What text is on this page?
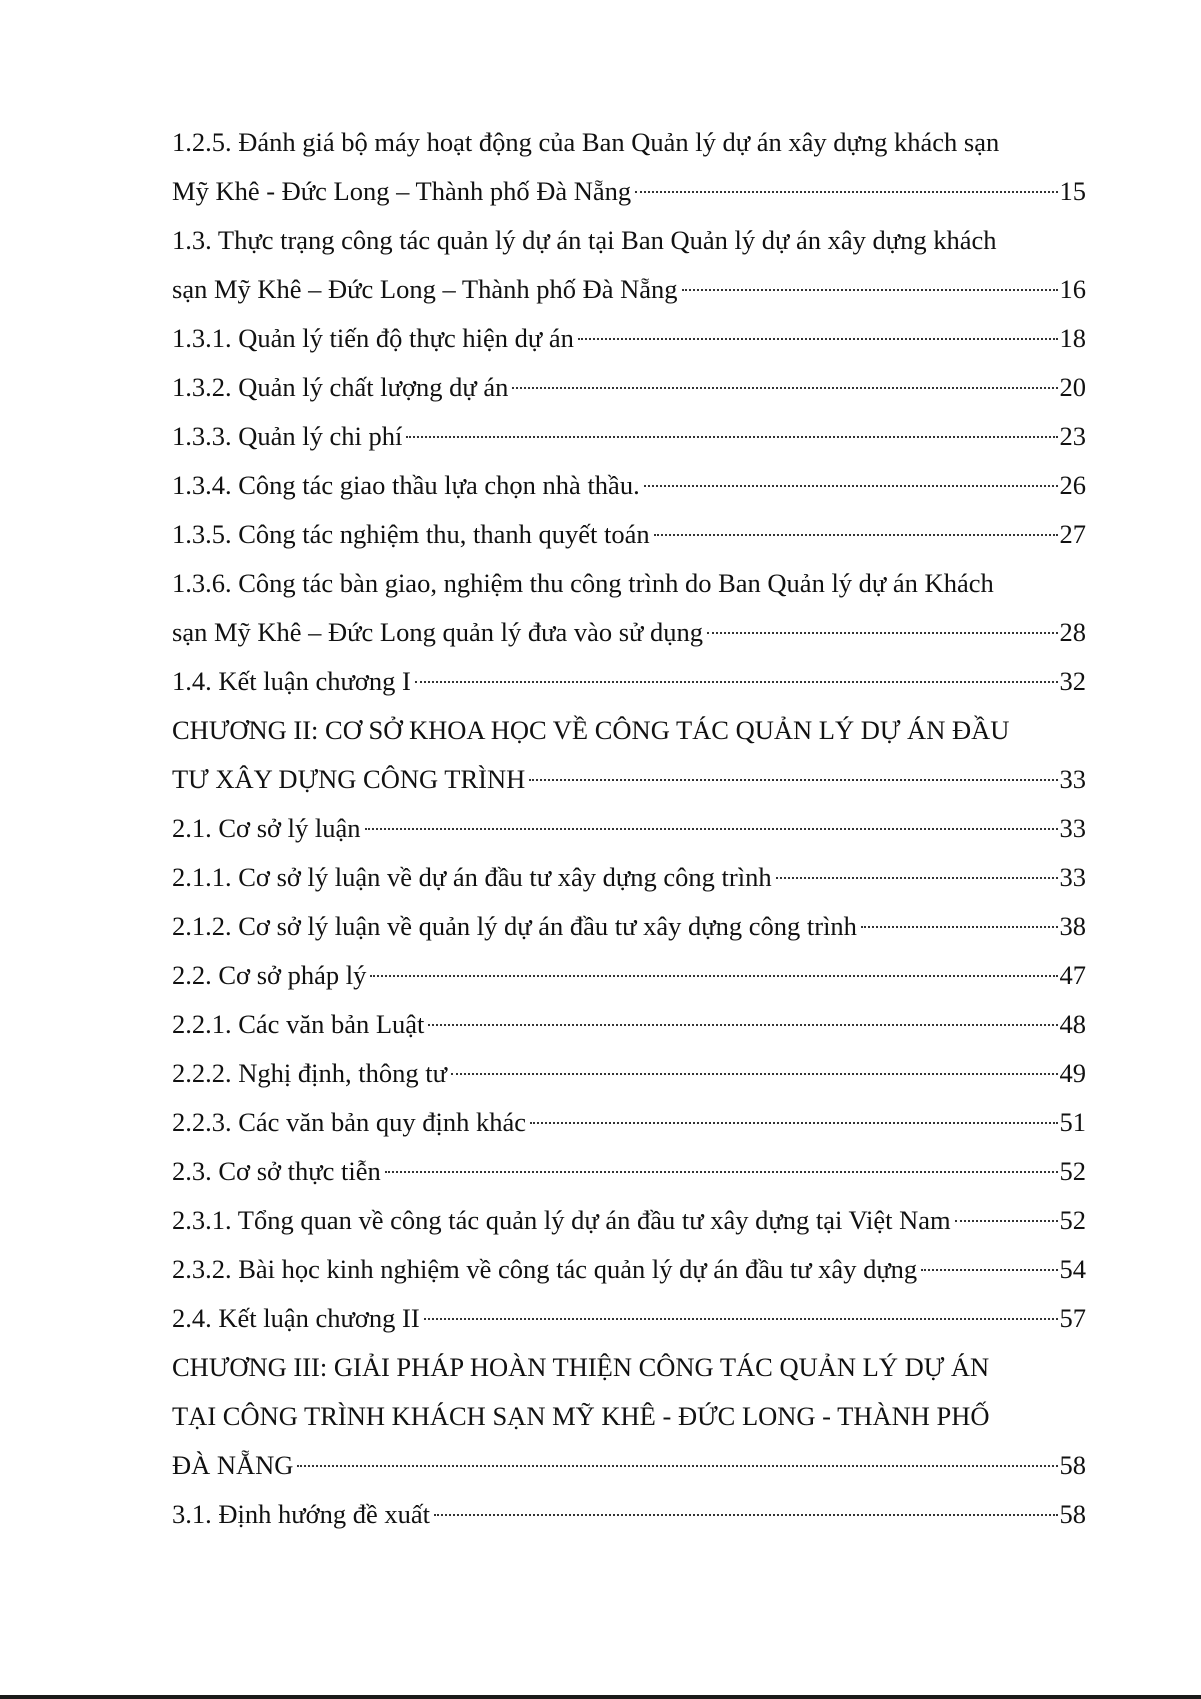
1.2.5. Đánh giá bộ máy hoạt động của Ban Quản lý dự án xây dựng khách sạn
Mỹ Khê - Đức Long – Thành phố Đà Nẵng	15
1.3. Thực trạng công tác quản lý dự án tại Ban Quản lý dự án xây dựng khách
sạn Mỹ Khê – Đức Long – Thành phố Đà Nẵng	16
1.3.1. Quản lý tiến độ thực hiện dự án	18
1.3.2. Quản lý chất lượng dự án	20
1.3.3. Quản lý chi phí	23
1.3.4. Công tác giao thầu lựa chọn nhà thầu.	26
1.3.5. Công tác nghiệm thu, thanh quyết toán	27
1.3.6. Công tác bàn giao, nghiệm thu công trình do Ban Quản lý dự án Khách
sạn Mỹ Khê – Đức Long quản lý đưa vào sử dụng	28
1.4. Kết luận chương I	32
CHƯƠNG II: CƠ SỞ KHOA HỌC VỀ CÔNG TÁC QUẢN LÝ DỰ ÁN ĐẦU
TƯ XÂY DỰNG CÔNG TRÌNH	33
2.1. Cơ sở lý luận	33
2.1.1. Cơ sở lý luận về dự án đầu tư xây dựng công trình	33
2.1.2. Cơ sở lý luận về quản lý dự án đầu tư xây dựng công trình	38
2.2. Cơ sở pháp lý	47
2.2.1. Các văn bản Luật	48
2.2.2. Nghị định, thông tư	49
2.2.3. Các văn bản quy định khác	51
2.3. Cơ sở thực tiễn	52
2.3.1. Tổng quan về công tác quản lý dự án đầu tư xây dựng tại Việt Nam	52
2.3.2. Bài học kinh nghiệm về công tác quản lý dự án đầu tư xây dựng	54
2.4. Kết luận chương II	57
CHƯƠNG III: GIẢI PHÁP HOÀN THIỆN CÔNG TÁC QUẢN LÝ DỰ ÁN
TẠI CÔNG TRÌNH KHÁCH SẠN MỸ KHÊ - ĐỨC LONG - THÀNH PHỐ
ĐÀ NẴNG	58
3.1. Định hướng đề xuất	58
